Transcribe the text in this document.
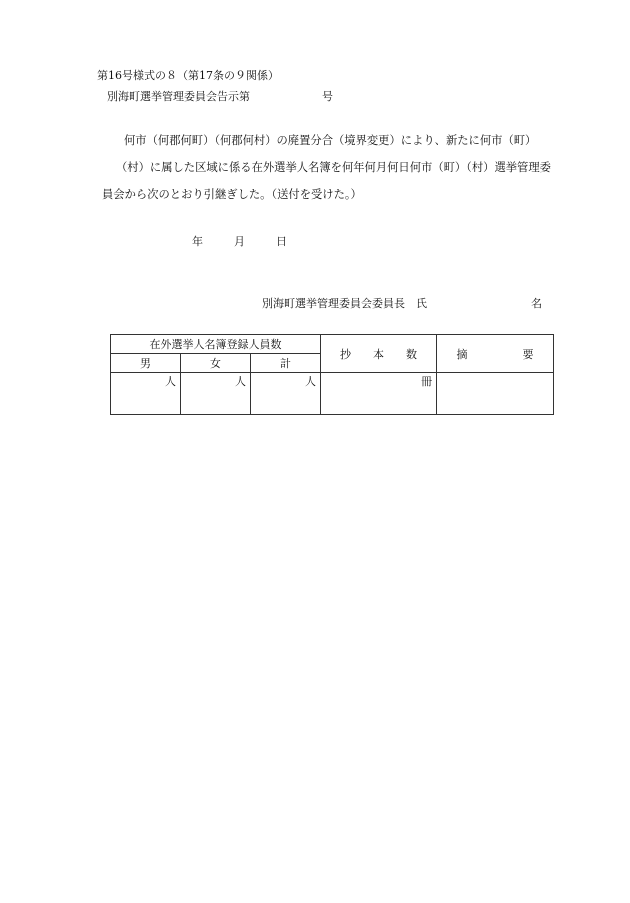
第16号様式の８（第17条の９関係）
別海町選挙管理委員会告示第	号
何市（何郡何町）（何郡何村）の廃置分合（境界変更）により、新たに何市（町）
（村）に属した区域に係る在外選挙人名簿を何年何月何日何市（町）（村）選挙管理委
員会から次のとおり引継ぎした。（送付を受けた。）
年	月	日
別海町選挙管理委員会委員長　氏	名
在外選挙人名簿登録人員数			抄　　本　　数	摘　　　　　要
男	女	計		
人	人	人	冊	
